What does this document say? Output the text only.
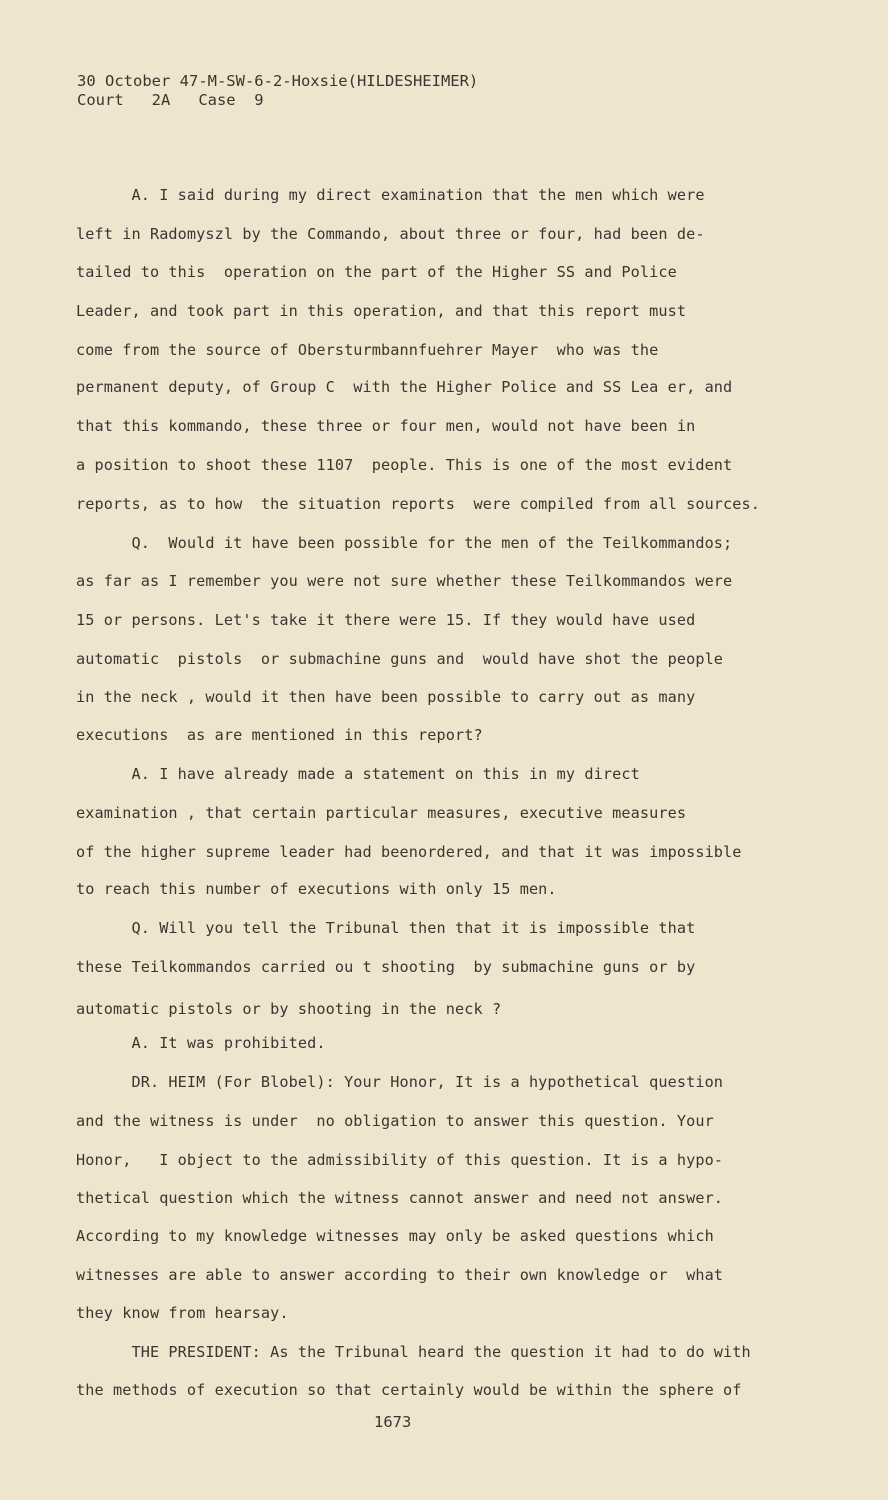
30 October 47-M-SW-6-2-Hoxsie(HILDESHEIMER)
Court   2A   Case  9
A. I said during my direct examination that the men which were
left in Radomyszl by the Commando, about three or four, had been de-
tailed to this  operation on the part of the Higher SS and Police
Leader, and took part in this operation, and that this report must
come from the source of Obersturmbannfuehrer Mayer  who was the
permanent deputy, of Group C  with the Higher Police and SS Lea er, and
that this kommando, these three or four men, would not have been in
a position to shoot these 1107  people. This is one of the most evident
reports, as to how  the situation reports  were compiled from all sources.
Q.  Would it have been possible for the men of the Teilkommandos;
as far as I remember you were not sure whether these Teilkommandos were
15 or persons. Let's take it there were 15. If they would have used
automatic  pistols  or submachine guns and  would have shot the people
in the neck , would it then have been possible to carry out as many
executions  as are mentioned in this report?
A. I have already made a statement on this in my direct
examination , that certain particular measures, executive measures
of the higher supreme leader had beenordered, and that it was impossible
to reach this number of executions with only 15 men.
Q. Will you tell the Tribunal then that it is impossible that
these Teilkommandos carried ou t shooting  by submachine guns or by
automatic pistols or by shooting in the neck ?
A. It was prohibited.
DR. HEIM (For Blobel): Your Honor, It is a hypothetical question
and the witness is under  no obligation to answer this question. Your
Honor,   I object to the admissibility of this question. It is a hypo-
thetical question which the witness cannot answer and need not answer.
According to my knowledge witnesses may only be asked questions which
witnesses are able to answer according to their own knowledge or  what
they know from hearsay.
THE PRESIDENT: As the Tribunal heard the question it had to do with
the methods of execution so that certainly would be within the sphere of
1673
